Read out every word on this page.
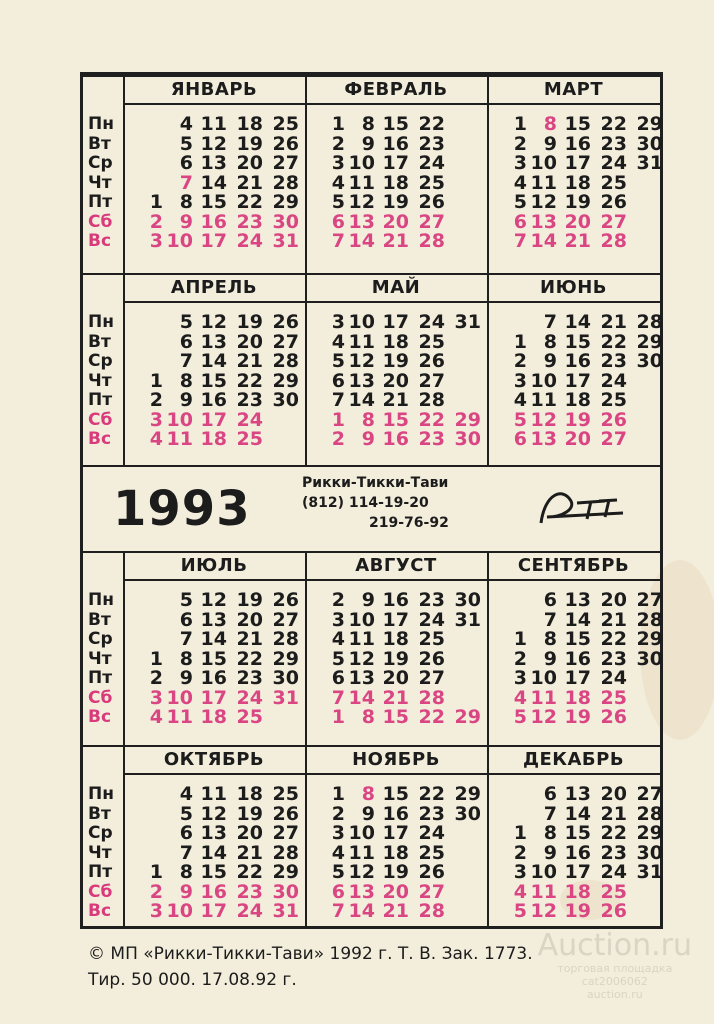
1993	Рикки-Тикки-Тави
(812) 114-19-20
219-76-92
ЯНВАРЬ
Пн
Вт
Ср
Чт
Пт
Сб
Вс
4 11 18 25
5 12 19 26
6 13 20 27
7 14 21 28
1 8 15 22 29
2 9 16 23 30
3 10 17 24 31
ФЕВРАЛЬ
1 8 15 22
2 9 16 23
3 10 17 24
4 11 18 25
5 12 19 26
6 13 20 27
7 14 21 28
МАРТ
1 8 15 22 29
2 9 16 23 30
3 10 17 24 31
4 11 18 25
5 12 19 26
6 13 20 27
7 14 21 28
АПРЕЛЬ
Пн
Вт
Ср
Чт
Пт
Сб
Вс
5 12 19 26
6 13 20 27
7 14 21 28
1 8 15 22 29
2 9 16 23 30
3 10 17 24
4 11 18 25
МАЙ
3 10 17 24 31
4 11 18 25
5 12 19 26
6 13 20 27
7 14 21 28
1 8 15 22 29
2 9 16 23 30
ИЮНЬ
7 14 21 28
1 8 15 22 29
2 9 16 23 30
3 10 17 24
4 11 18 25
5 12 19 26
6 13 20 27
ИЮЛЬ
Пн
Вт
Ср
Чт
Пт
Сб
Вс
5 12 19 26
6 13 20 27
7 14 21 28
1 8 15 22 29
2 9 16 23 30
3 10 17 24 31
4 11 18 25
АВГУСТ
2 9 16 23 30
3 10 17 24 31
4 11 18 25
5 12 19 26
6 13 20 27
7 14 21 28
1 8 15 22 29
СЕНТЯБРЬ
6 13 20 27
7 14 21 28
1 8 15 22 29
2 9 16 23 30
3 10 17 24
4 11 18 25
5 12 19 26
ОКТЯБРЬ
Пн
Вт
Ср
Чт
Пт
Сб
Вс
4 11 18 25
5 12 19 26
6 13 20 27
7 14 21 28
1 8 15 22 29
2 9 16 23 30
3 10 17 24 31
НОЯБРЬ
1 8 15 22 29
2 9 16 23 30
3 10 17 24
4 11 18 25
5 12 19 26
6 13 20 27
7 14 21 28
ДЕКАБРЬ
6 13 20 27
7 14 21 28
1 8 15 22 29
2 9 16 23 30
3 10 17 24 31
4 11 18 25
5 12 19 26
© МП «Рикки-Тикки-Тави» 1992 г. Т. В. Зак. 1773.
Тир. 50 000. 17.08.92 г.
Auction.ru
торговая площадка
cat2006062
auction.ru
